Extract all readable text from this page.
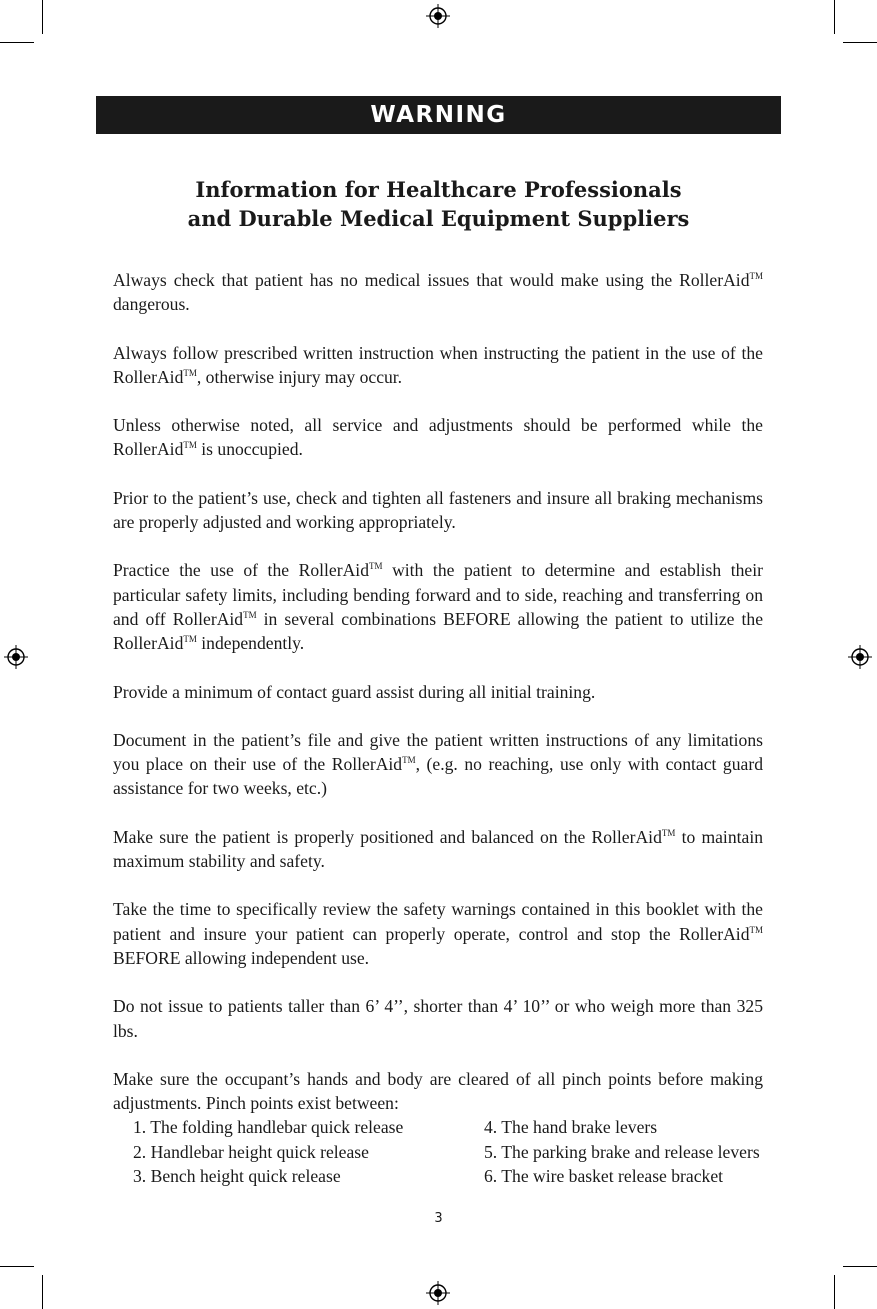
WARNING
Information for Healthcare Professionals
and Durable Medical Equipment Suppliers

Always check that patient has no medical issues that would make using the RollerAid™ dangerous.

Always follow prescribed written instruction when instructing the patient in the use of the RollerAid™, otherwise injury may occur.

Unless otherwise noted, all service and adjustments should be performed while the RollerAid™ is unoccupied.

Prior to the patient’s use, check and tighten all fasteners and insure all braking mechanisms are properly adjusted and working appropriately.

Practice the use of the RollerAid™ with the patient to determine and establish their particular safety limits, including bending forward and to side, reaching and transferring on and off RollerAid™ in several combinations BEFORE allowing the patient to utilize the RollerAid™ independently.

Provide a minimum of contact guard assist during all initial training.

Document in the patient’s file and give the patient written instructions of any limitations you place on their use of the RollerAid™, (e.g. no reaching, use only with contact guard assistance for two weeks, etc.)

Make sure the patient is properly positioned and balanced on the RollerAid™ to maintain maximum stability and safety.

Take the time to specifically review the safety warnings contained in this booklet with the patient and insure your patient can properly operate, control and stop the RollerAid™ BEFORE allowing independent use.

Do not issue to patients taller than 6’ 4’’, shorter than 4’ 10’’ or who weigh more than 325 lbs.

Make sure the occupant’s hands and body are cleared of all pinch points before making adjustments. Pinch points exist between:

1. The folding handlebar quick release	4. The hand brake levers
2. Handlebar height quick release	5. The parking brake and release levers
3. Bench height quick release	6. The wire basket release bracket
3
